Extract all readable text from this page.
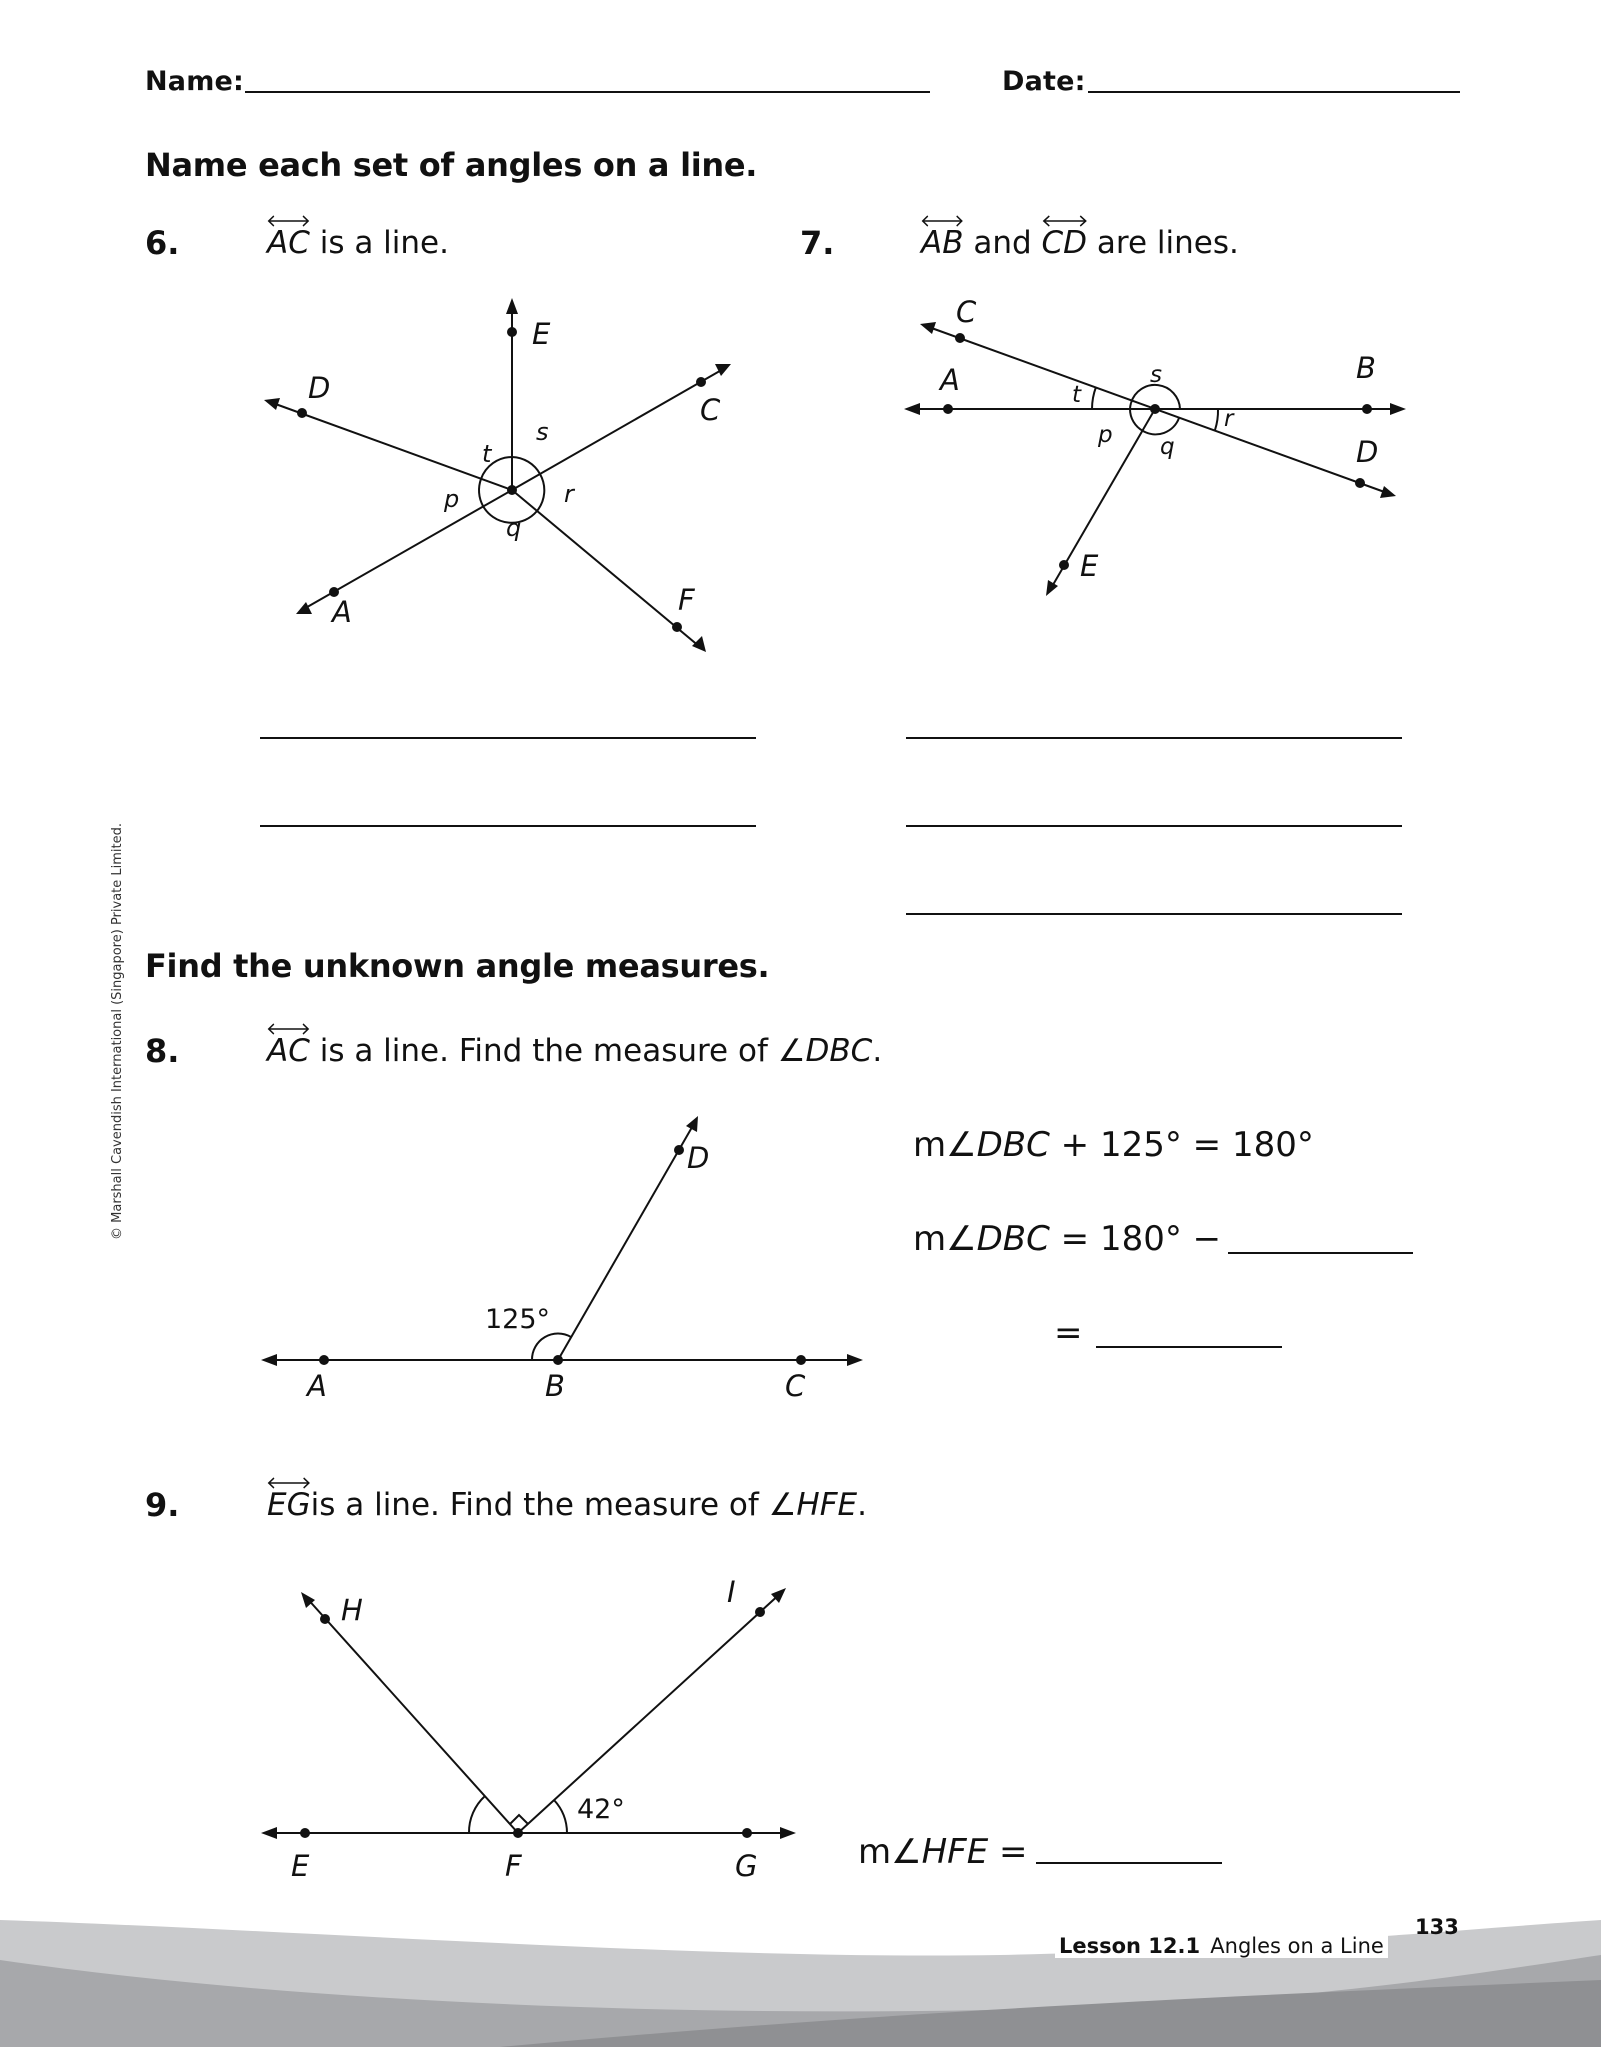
Name:	Date:
Name each set of angles on a line.
6.	AC is a line.
E
D
C
A	F
t
s
p
q
r
7.	AB and
CD are lines.
C
A	B
D
E
t
s
p q
r
Find the unknown angle measures.
8.	AC is a line. Find the measure of ∠DBC.
A	B	C
D
125°
m∠DBC + 125° = 180°
m∠DBC = 180° −
=
9.	EGis a line. Find the measure of ∠HFE.
H
I
E	F	G
42°
m∠HFE =
© Marshall Cavendish International (Singapore) Private Limited.
Lesson 12.1 Angles on a Line
133
